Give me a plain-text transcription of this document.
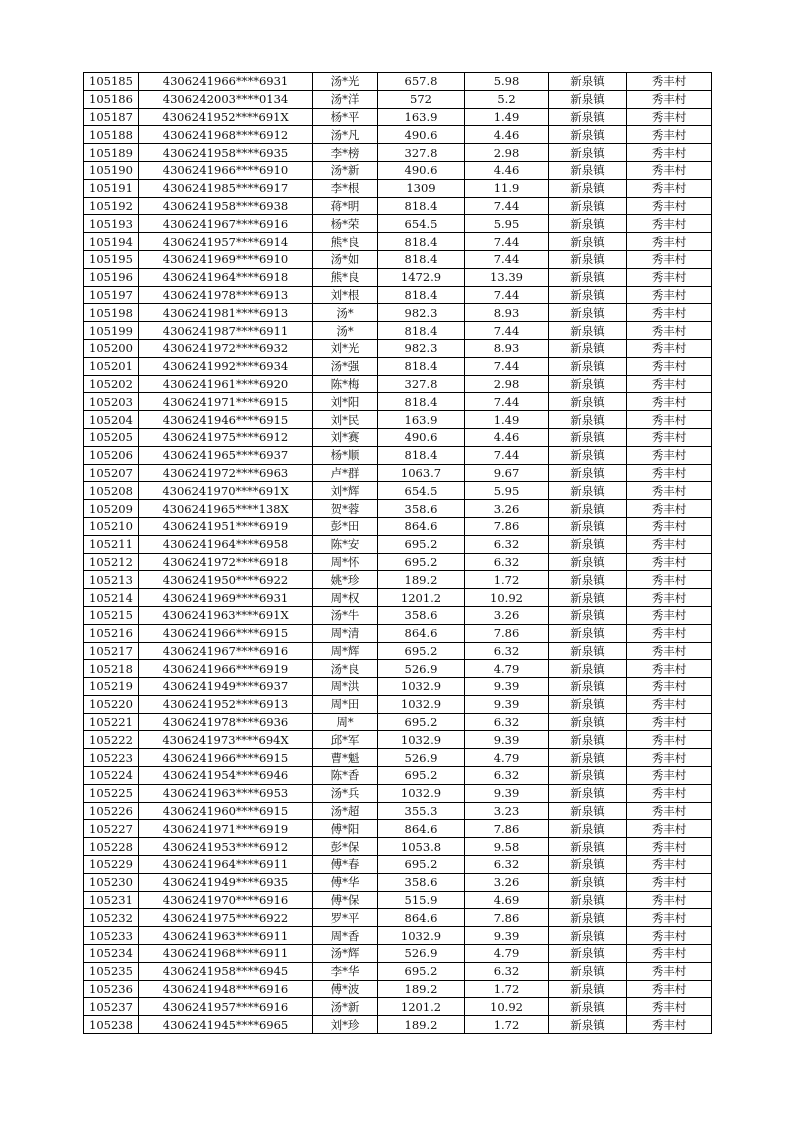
105185	4306241966****6931	汤*光	657.8	5.98	新泉镇	秀丰村
105186	4306242003****0134	汤*洋	572	5.2	新泉镇	秀丰村
105187	4306241952****691X	杨*平	163.9	1.49	新泉镇	秀丰村
105188	4306241968****6912	汤*凡	490.6	4.46	新泉镇	秀丰村
105189	4306241958****6935	李*榜	327.8	2.98	新泉镇	秀丰村
105190	4306241966****6910	汤*新	490.6	4.46	新泉镇	秀丰村
105191	4306241985****6917	李*根	1309	11.9	新泉镇	秀丰村
105192	4306241958****6938	蒋*明	818.4	7.44	新泉镇	秀丰村
105193	4306241967****6916	杨*荣	654.5	5.95	新泉镇	秀丰村
105194	4306241957****6914	熊*良	818.4	7.44	新泉镇	秀丰村
105195	4306241969****6910	汤*如	818.4	7.44	新泉镇	秀丰村
105196	4306241964****6918	熊*良	1472.9	13.39	新泉镇	秀丰村
105197	4306241978****6913	刘*根	818.4	7.44	新泉镇	秀丰村
105198	4306241981****6913	汤*	982.3	8.93	新泉镇	秀丰村
105199	4306241987****6911	汤*	818.4	7.44	新泉镇	秀丰村
105200	4306241972****6932	刘*光	982.3	8.93	新泉镇	秀丰村
105201	4306241992****6934	汤*强	818.4	7.44	新泉镇	秀丰村
105202	4306241961****6920	陈*梅	327.8	2.98	新泉镇	秀丰村
105203	4306241971****6915	刘*阳	818.4	7.44	新泉镇	秀丰村
105204	4306241946****6915	刘*民	163.9	1.49	新泉镇	秀丰村
105205	4306241975****6912	刘*赛	490.6	4.46	新泉镇	秀丰村
105206	4306241965****6937	杨*顺	818.4	7.44	新泉镇	秀丰村
105207	4306241972****6963	卢*群	1063.7	9.67	新泉镇	秀丰村
105208	4306241970****691X	刘*辉	654.5	5.95	新泉镇	秀丰村
105209	4306241965****138X	贺*蓉	358.6	3.26	新泉镇	秀丰村
105210	4306241951****6919	彭*田	864.6	7.86	新泉镇	秀丰村
105211	4306241964****6958	陈*安	695.2	6.32	新泉镇	秀丰村
105212	4306241972****6918	周*怀	695.2	6.32	新泉镇	秀丰村
105213	4306241950****6922	姚*珍	189.2	1.72	新泉镇	秀丰村
105214	4306241969****6931	周*权	1201.2	10.92	新泉镇	秀丰村
105215	4306241963****691X	汤*牛	358.6	3.26	新泉镇	秀丰村
105216	4306241966****6915	周*清	864.6	7.86	新泉镇	秀丰村
105217	4306241967****6916	周*辉	695.2	6.32	新泉镇	秀丰村
105218	4306241966****6919	汤*良	526.9	4.79	新泉镇	秀丰村
105219	4306241949****6937	周*洪	1032.9	9.39	新泉镇	秀丰村
105220	4306241952****6913	周*田	1032.9	9.39	新泉镇	秀丰村
105221	4306241978****6936	周*	695.2	6.32	新泉镇	秀丰村
105222	4306241973****694X	邱*军	1032.9	9.39	新泉镇	秀丰村
105223	4306241966****6915	曹*魁	526.9	4.79	新泉镇	秀丰村
105224	4306241954****6946	陈*香	695.2	6.32	新泉镇	秀丰村
105225	4306241963****6953	汤*兵	1032.9	9.39	新泉镇	秀丰村
105226	4306241960****6915	汤*超	355.3	3.23	新泉镇	秀丰村
105227	4306241971****6919	傅*阳	864.6	7.86	新泉镇	秀丰村
105228	4306241953****6912	彭*保	1053.8	9.58	新泉镇	秀丰村
105229	4306241964****6911	傅*春	695.2	6.32	新泉镇	秀丰村
105230	4306241949****6935	傅*华	358.6	3.26	新泉镇	秀丰村
105231	4306241970****6916	傅*保	515.9	4.69	新泉镇	秀丰村
105232	4306241975****6922	罗*平	864.6	7.86	新泉镇	秀丰村
105233	4306241963****6911	周*香	1032.9	9.39	新泉镇	秀丰村
105234	4306241968****6911	汤*辉	526.9	4.79	新泉镇	秀丰村
105235	4306241958****6945	李*华	695.2	6.32	新泉镇	秀丰村
105236	4306241948****6916	傅*波	189.2	1.72	新泉镇	秀丰村
105237	4306241957****6916	汤*新	1201.2	10.92	新泉镇	秀丰村
105238	4306241945****6965	刘*珍	189.2	1.72	新泉镇	秀丰村
